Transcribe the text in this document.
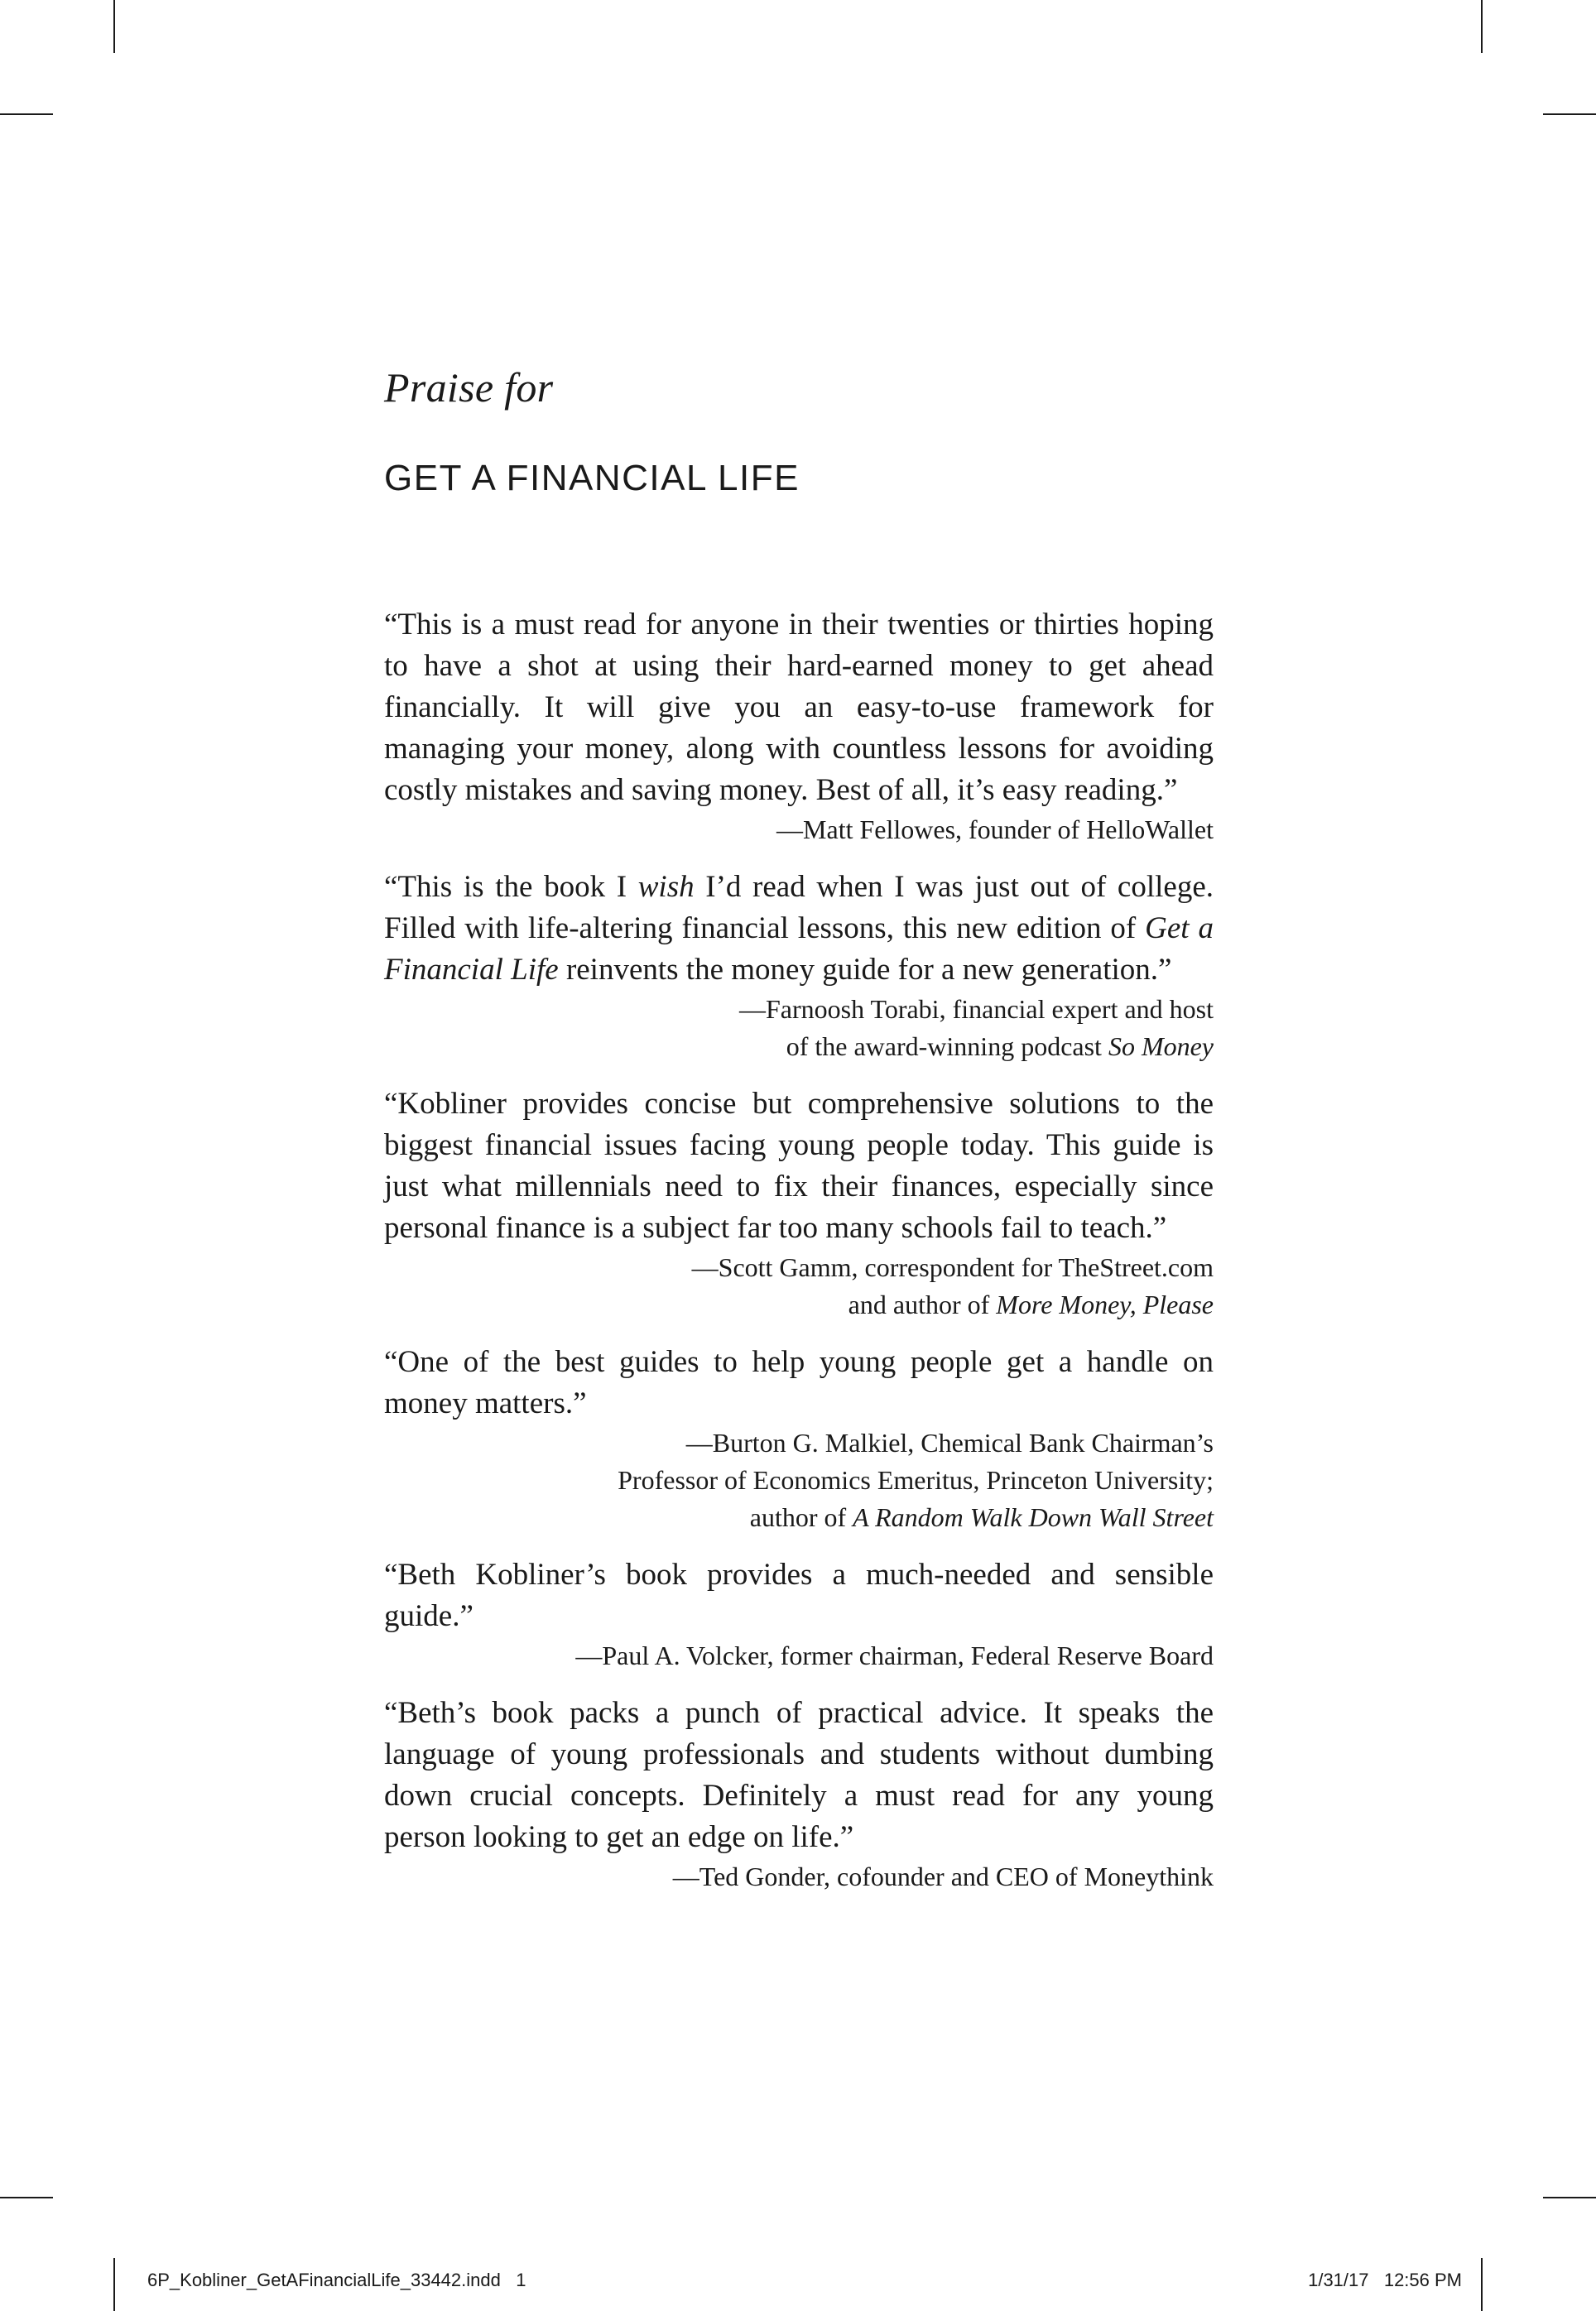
Praise for
GET A FINANCIAL LIFE

“This is a must read for anyone in their twenties or thirties hoping to have a shot at using their hard-earned money to get ahead financially. It will give you an easy-to-use framework for managing your money, along with countless lessons for avoiding costly mistakes and saving money. Best of all, it’s easy reading.”

—Matt Fellowes, founder of HelloWallet

“This is the book I wish I’d read when I was just out of college. Filled with life-altering financial lessons, this new edition of Get a Financial Life reinvents the money guide for a new generation.”

—Farnoosh Torabi, financial expert and host
of the award-winning podcast So Money

“Kobliner provides concise but comprehensive solutions to the biggest financial issues facing young people today. This guide is just what millennials need to fix their finances, especially since personal finance is a subject far too many schools fail to teach.”

—Scott Gamm, correspondent for TheStreet.com
and author of More Money, Please

“One of the best guides to help young people get a handle on money matters.”

—Burton G. Malkiel, Chemical Bank Chairman’s
Professor of Economics Emeritus, Princeton University;
author of A Random Walk Down Wall Street

“Beth Kobliner’s book provides a much-needed and sensible guide.”

—Paul A. Volcker, former chairman, Federal Reserve Board

“Beth’s book packs a punch of practical advice. It speaks the language of young professionals and students without dumbing down crucial concepts. Definitely a must read for any young person looking to get an edge on life.”

—Ted Gonder, cofounder and CEO of Moneythink

6P_Kobliner_GetAFinancialLife_33442.indd   1	1/31/17   12:56 PM
